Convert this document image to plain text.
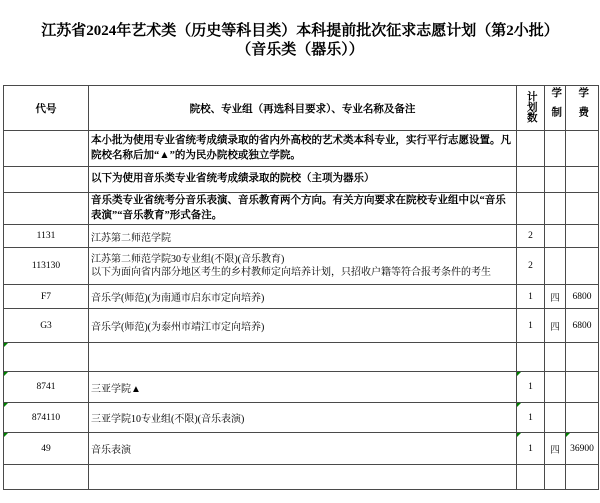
江苏省2024年艺术类（历史等科目类）本科提前批次征求志愿计划（第2小批）
（音乐类（器乐））
代号	院校、专业组（再选科目要求）、专业名称及备注	计划数	学制	学费
	本小批为使用专业省统考成绩录取的省内外高校的艺术类本科专业，实行平行志愿设置。凡院校名称后加“▲”的为民办院校或独立学院。			
	以下为使用音乐类专业省统考成绩录取的院校（主项为器乐）			
	音乐类专业省统考分音乐表演、音乐教育两个方向。有关方向要求在院校专业组中以“音乐表演”“音乐教育”形式备注。			
1131	江苏第二师范学院	2		
113130	江苏第二师范学院30专业组(不限)(音乐教育)
以下为面向省内部分地区考生的乡村教师定向培养计划，只招收户籍等符合报考条件的考生	2		
F7	音乐学(师范)(为南通市启东市定向培养)	1	四	6800
G3	音乐学(师范)(为泰州市靖江市定向培养)	1	四	6800

8741	三亚学院▲	1		
874110	三亚学院10专业组(不限)(音乐表演)	1		
49	音乐表演	1	四	36900
